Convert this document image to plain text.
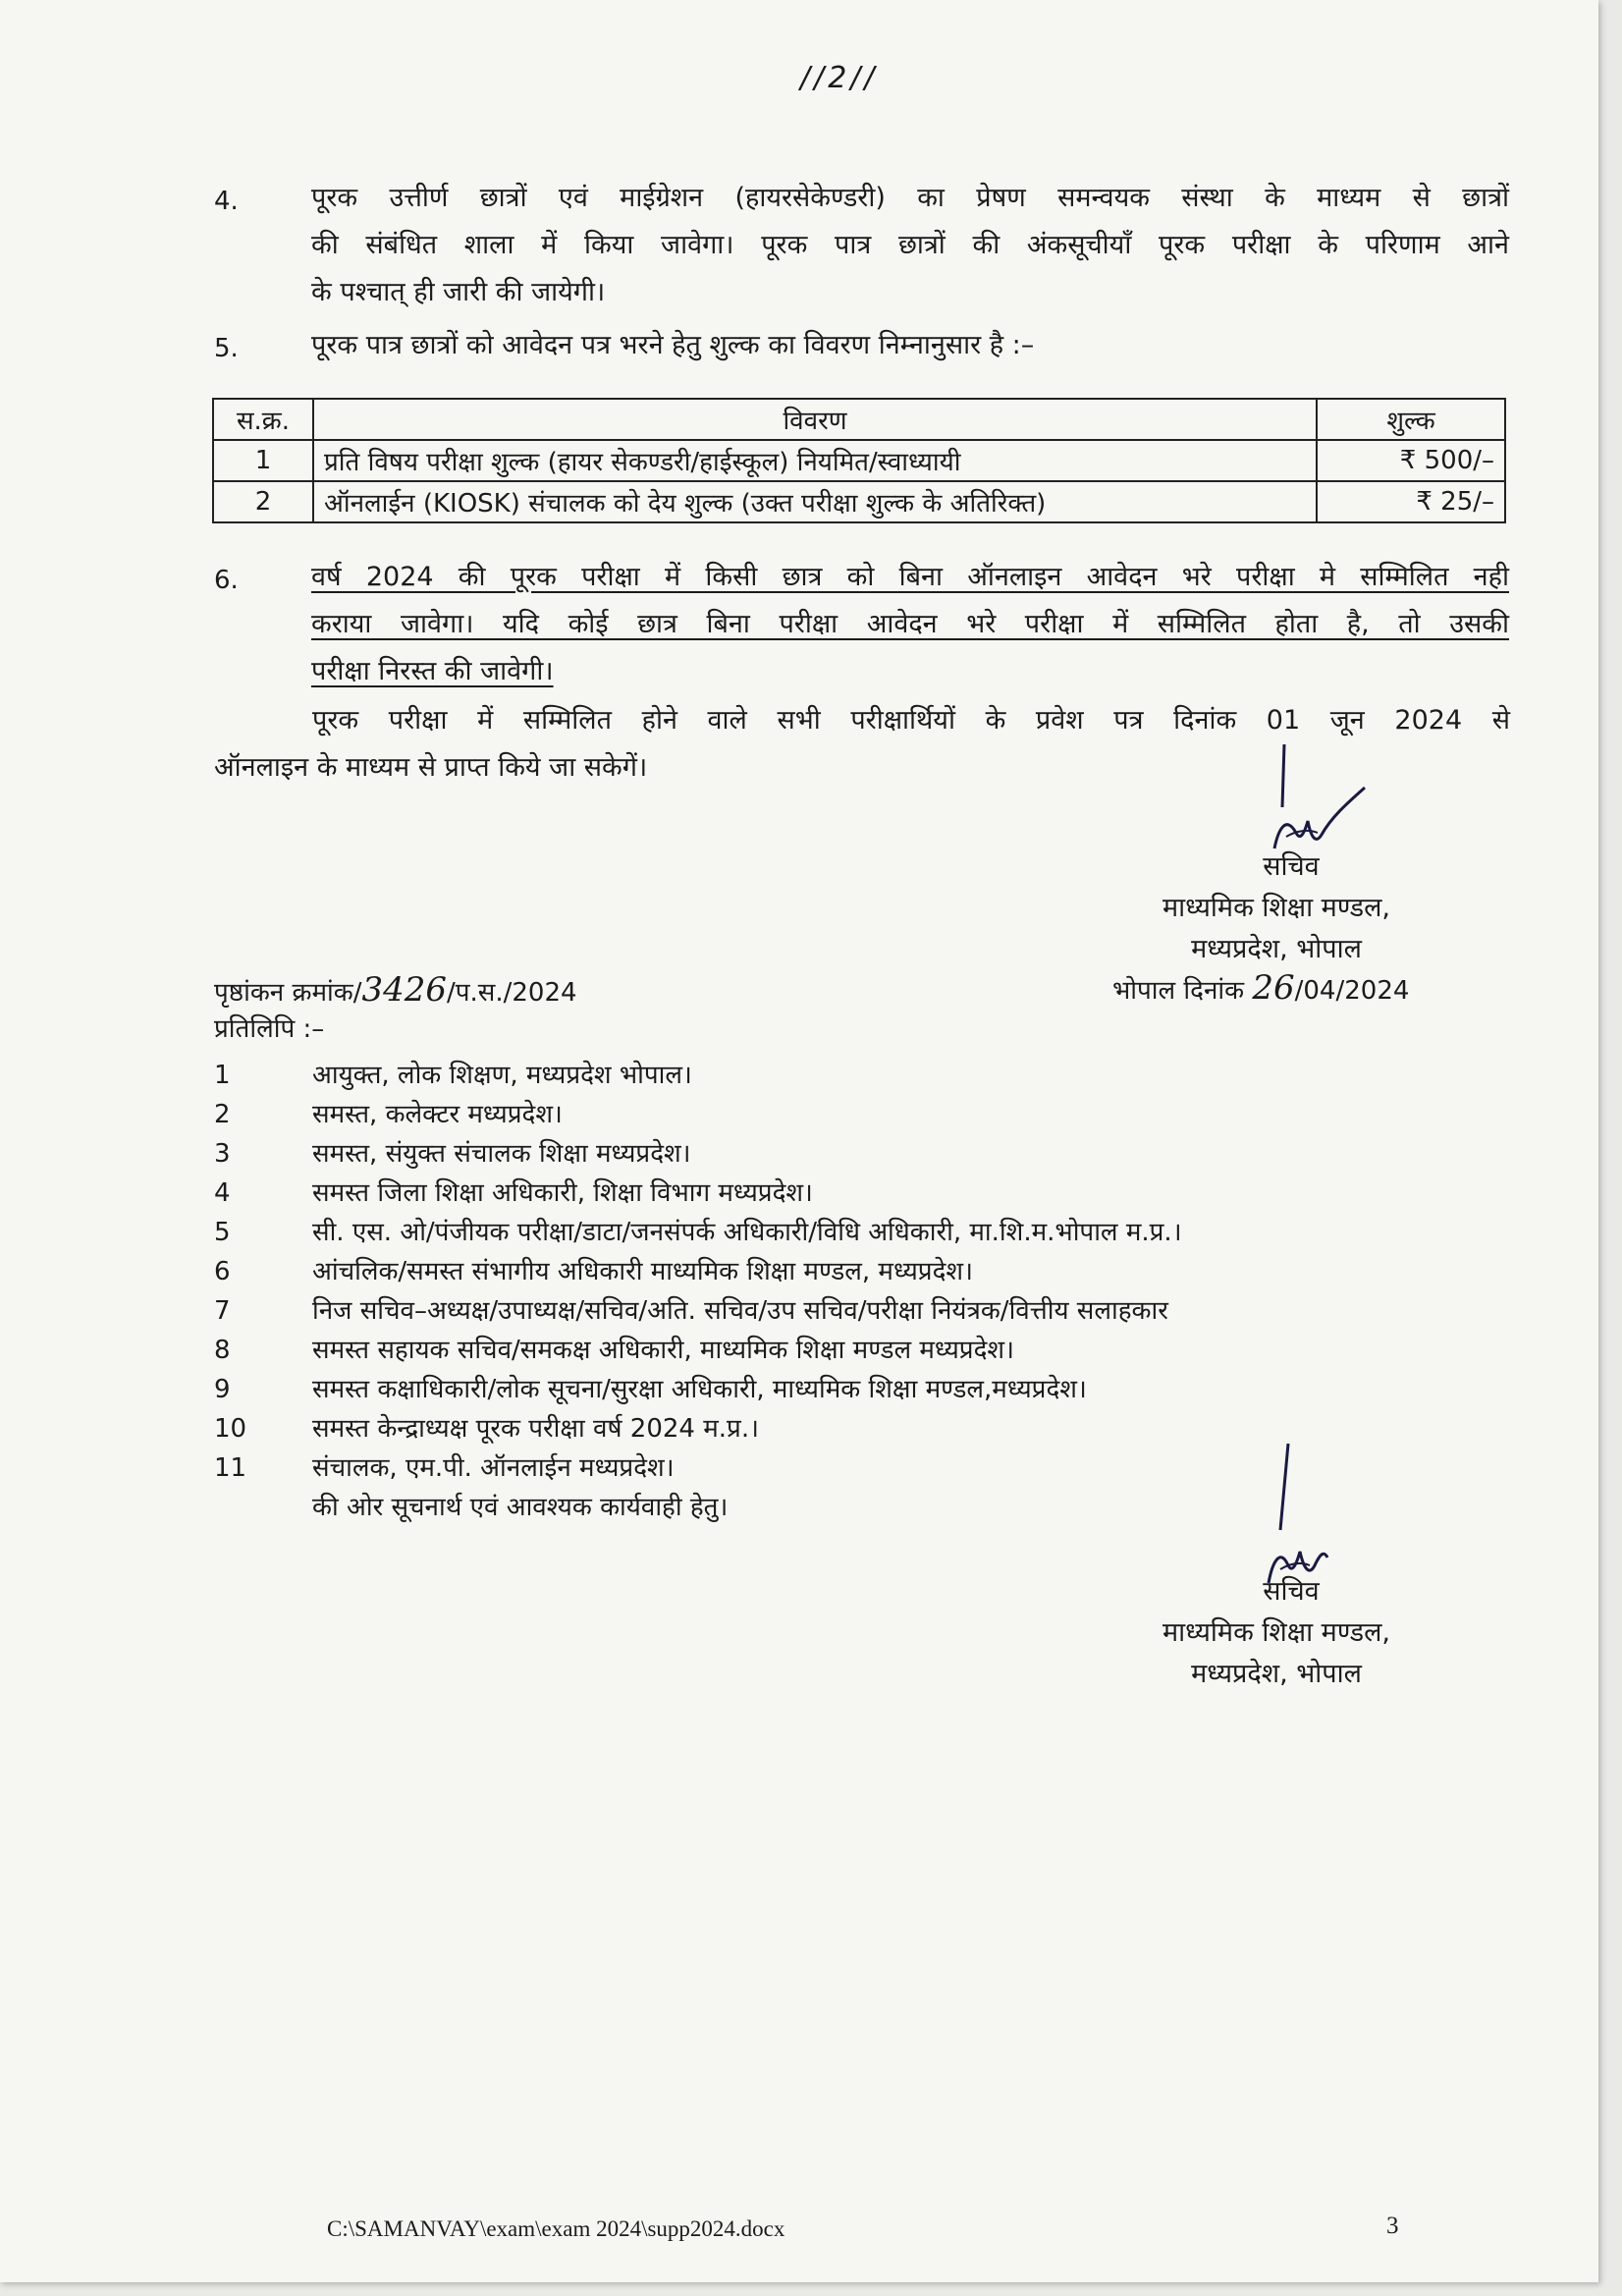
//2//
4.	पूरक उत्तीर्ण छात्रों एवं माईग्रेशन (हायरसेकेण्डरी) का प्रेषण समन्वयक संस्था के माध्यम से छात्रों
की संबंधित शाला में किया जावेगा। पूरक पात्र छात्रों की अंकसूचीयाँ पूरक परीक्षा के परिणाम आने
के पश्चात् ही जारी की जायेगी।
5.	पूरक पात्र छात्रों को आवेदन पत्र भरने हेतु शुल्क का विवरण निम्नानुसार है :–
स.क्र.	विवरण	शुल्क
1	प्रति विषय परीक्षा शुल्क (हायर सेकण्डरी/हाईस्कूल) नियमित/स्वाध्यायी	₹ 500/–
2	ऑनलाईन (KIOSK) संचालक को देय शुल्क (उक्त परीक्षा शुल्क के अतिरिक्त)	₹ 25/–
6.	वर्ष 2024 की पूरक परीक्षा में किसी छात्र को बिना ऑनलाइन आवेदन भरे परीक्षा मे सम्मिलित नही
कराया जावेगा। यदि कोई छात्र बिना परीक्षा आवेदन भरे परीक्षा में सम्मिलित होता है, तो उसकी
परीक्षा निरस्त की जावेगी।
पूरक परीक्षा में सम्मिलित होने वाले सभी परीक्षार्थियों के प्रवेश पत्र दिनांक 01 जून 2024 से
ऑनलाइन के माध्यम से प्राप्त किये जा सकेगें।
सचिव
माध्यमिक शिक्षा मण्डल,
मध्यप्रदेश, भोपाल
पृष्ठांकन क्रमांक/3426/प.स./2024	भोपाल दिनांक 26/04/2024
प्रतिलिपि :–
1	आयुक्त, लोक शिक्षण, मध्यप्रदेश भोपाल।
2	समस्त, कलेक्टर मध्यप्रदेश।
3	समस्त, संयुक्त संचालक शिक्षा मध्यप्रदेश।
4	समस्त जिला शिक्षा अधिकारी, शिक्षा विभाग मध्यप्रदेश।
5	सी. एस. ओ/पंजीयक परीक्षा/डाटा/जनसंपर्क अधिकारी/विधि अधिकारी, मा.शि.म.भोपाल म.प्र.।
6	आंचलिक/समस्त संभागीय अधिकारी माध्यमिक शिक्षा मण्डल, मध्यप्रदेश।
7	निज सचिव–अध्यक्ष/उपाध्यक्ष/सचिव/अति. सचिव/उप सचिव/परीक्षा नियंत्रक/वित्तीय सलाहकार
8	समस्त सहायक सचिव/समकक्ष अधिकारी, माध्यमिक शिक्षा मण्डल मध्यप्रदेश।
9	समस्त कक्षाधिकारी/लोक सूचना/सुरक्षा अधिकारी, माध्यमिक शिक्षा मण्डल,मध्यप्रदेश।
10	समस्त केन्द्राध्यक्ष पूरक परीक्षा वर्ष 2024 म.प्र.।
11	संचालक, एम.पी. ऑनलाईन मध्यप्रदेश।
की ओर सूचनार्थ एवं आवश्यक कार्यवाही हेतु।
सचिव
माध्यमिक शिक्षा मण्डल,
मध्यप्रदेश, भोपाल
C:\SAMANVAY\exam\exam 2024\supp2024.docx	3
